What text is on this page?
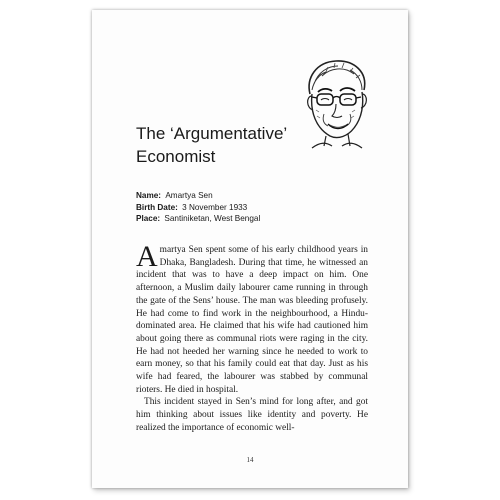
The ‘Argumentative’
Economist
Name: Amartya Sen
Birth Date: 3 November 1933
Place: Santiniketan, West Bengal

Amartya Sen spent some of his early childhood years in Dhaka, Bangladesh. During that time, he witnessed an incident that was to have a deep impact on him. One afternoon, a Muslim daily labourer came running in through the gate of the Sens’ house. The man was bleeding profusely. He had come to find work in the neighbourhood, a Hindu-dominated area. He claimed that his wife had cautioned him about going there as communal riots were raging in the city. He had not heeded her warning since he needed to work to earn money, so that his family could eat that day. Just as his wife had feared, the labourer was stabbed by communal rioters. He died in hospital.

This incident stayed in Sen’s mind for long after, and got him thinking about issues like identity and poverty. He realized the importance of economic well-

14
